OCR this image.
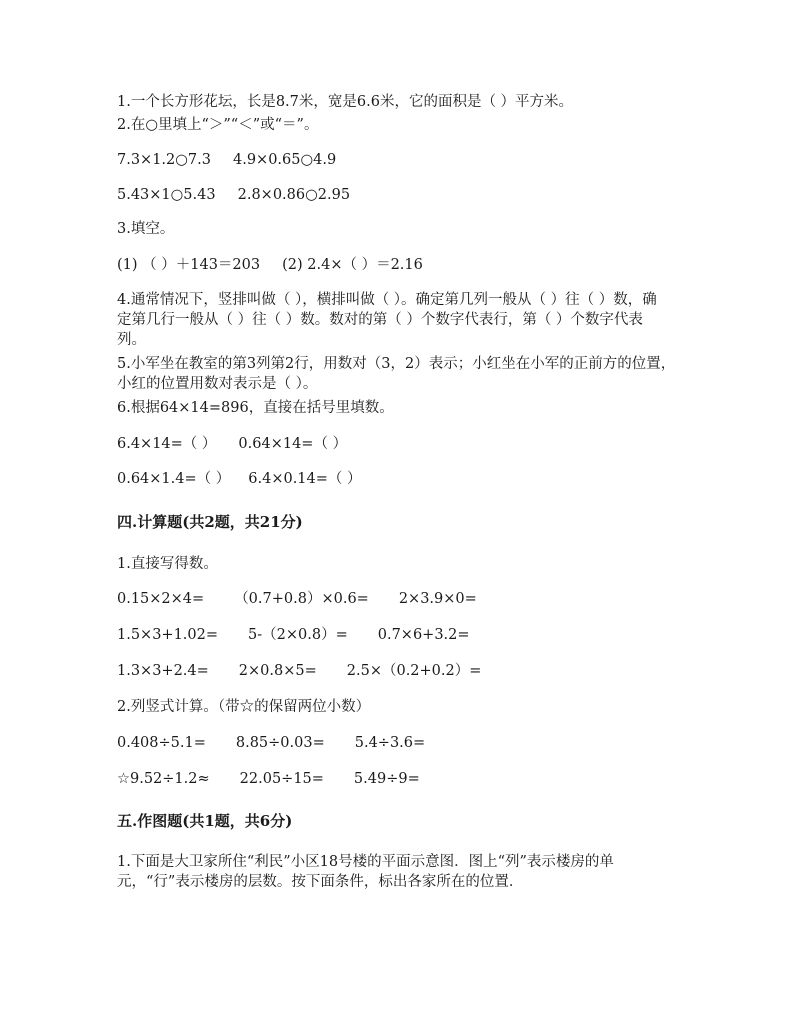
1.一个长方形花坛，长是8.7米，宽是6.6米，它的面积是（ ）平方米。
2.在○里填上“＞”“＜”或“＝”。
7.3×1.2○7.3 4.9×0.65○4.9
5.43×1○5.43 2.8×0.86○2.95
3.填空。
(1) （ ）＋143＝203 (2) 2.4×（ ）＝2.16
4.通常情况下，竖排叫做（ ），横排叫做（ ）。确定第几列一般从（ ）往（ ）数，确定第几行一般从（ ）往（ ）数。数对的第（ ）个数字代表行，第（ ）个数字代表列。
5.小军坐在教室的第3列第2行，用数对（3，2）表示；小红坐在小军的正前方的位置，小红的位置用数对表示是（ ）。
6.根据64×14=896，直接在括号里填数。
6.4×14=（ ） 0.64×14=（ ）
0.64×1.4=（ ） 6.4×0.14=（ ）
四.计算题(共2题，共21分)
1.直接写得数。
0.15×2×4= （0.7+0.8）×0.6= 2×3.9×0=
1.5×3+1.02= 5-（2×0.8）= 0.7×6+3.2=
1.3×3+2.4= 2×0.8×5= 2.5×（0.2+0.2）=
2.列竖式计算。（带☆的保留两位小数）
0.408÷5.1= 8.85÷0.03= 5.4÷3.6=
☆9.52÷1.2≈ 22.05÷15= 5.49÷9=
五.作图题(共1题，共6分)
1.下面是大卫家所住“利民”小区18号楼的平面示意图．图上“列”表示楼房的单元，“行”表示楼房的层数。按下面条件，标出各家所在的位置．
